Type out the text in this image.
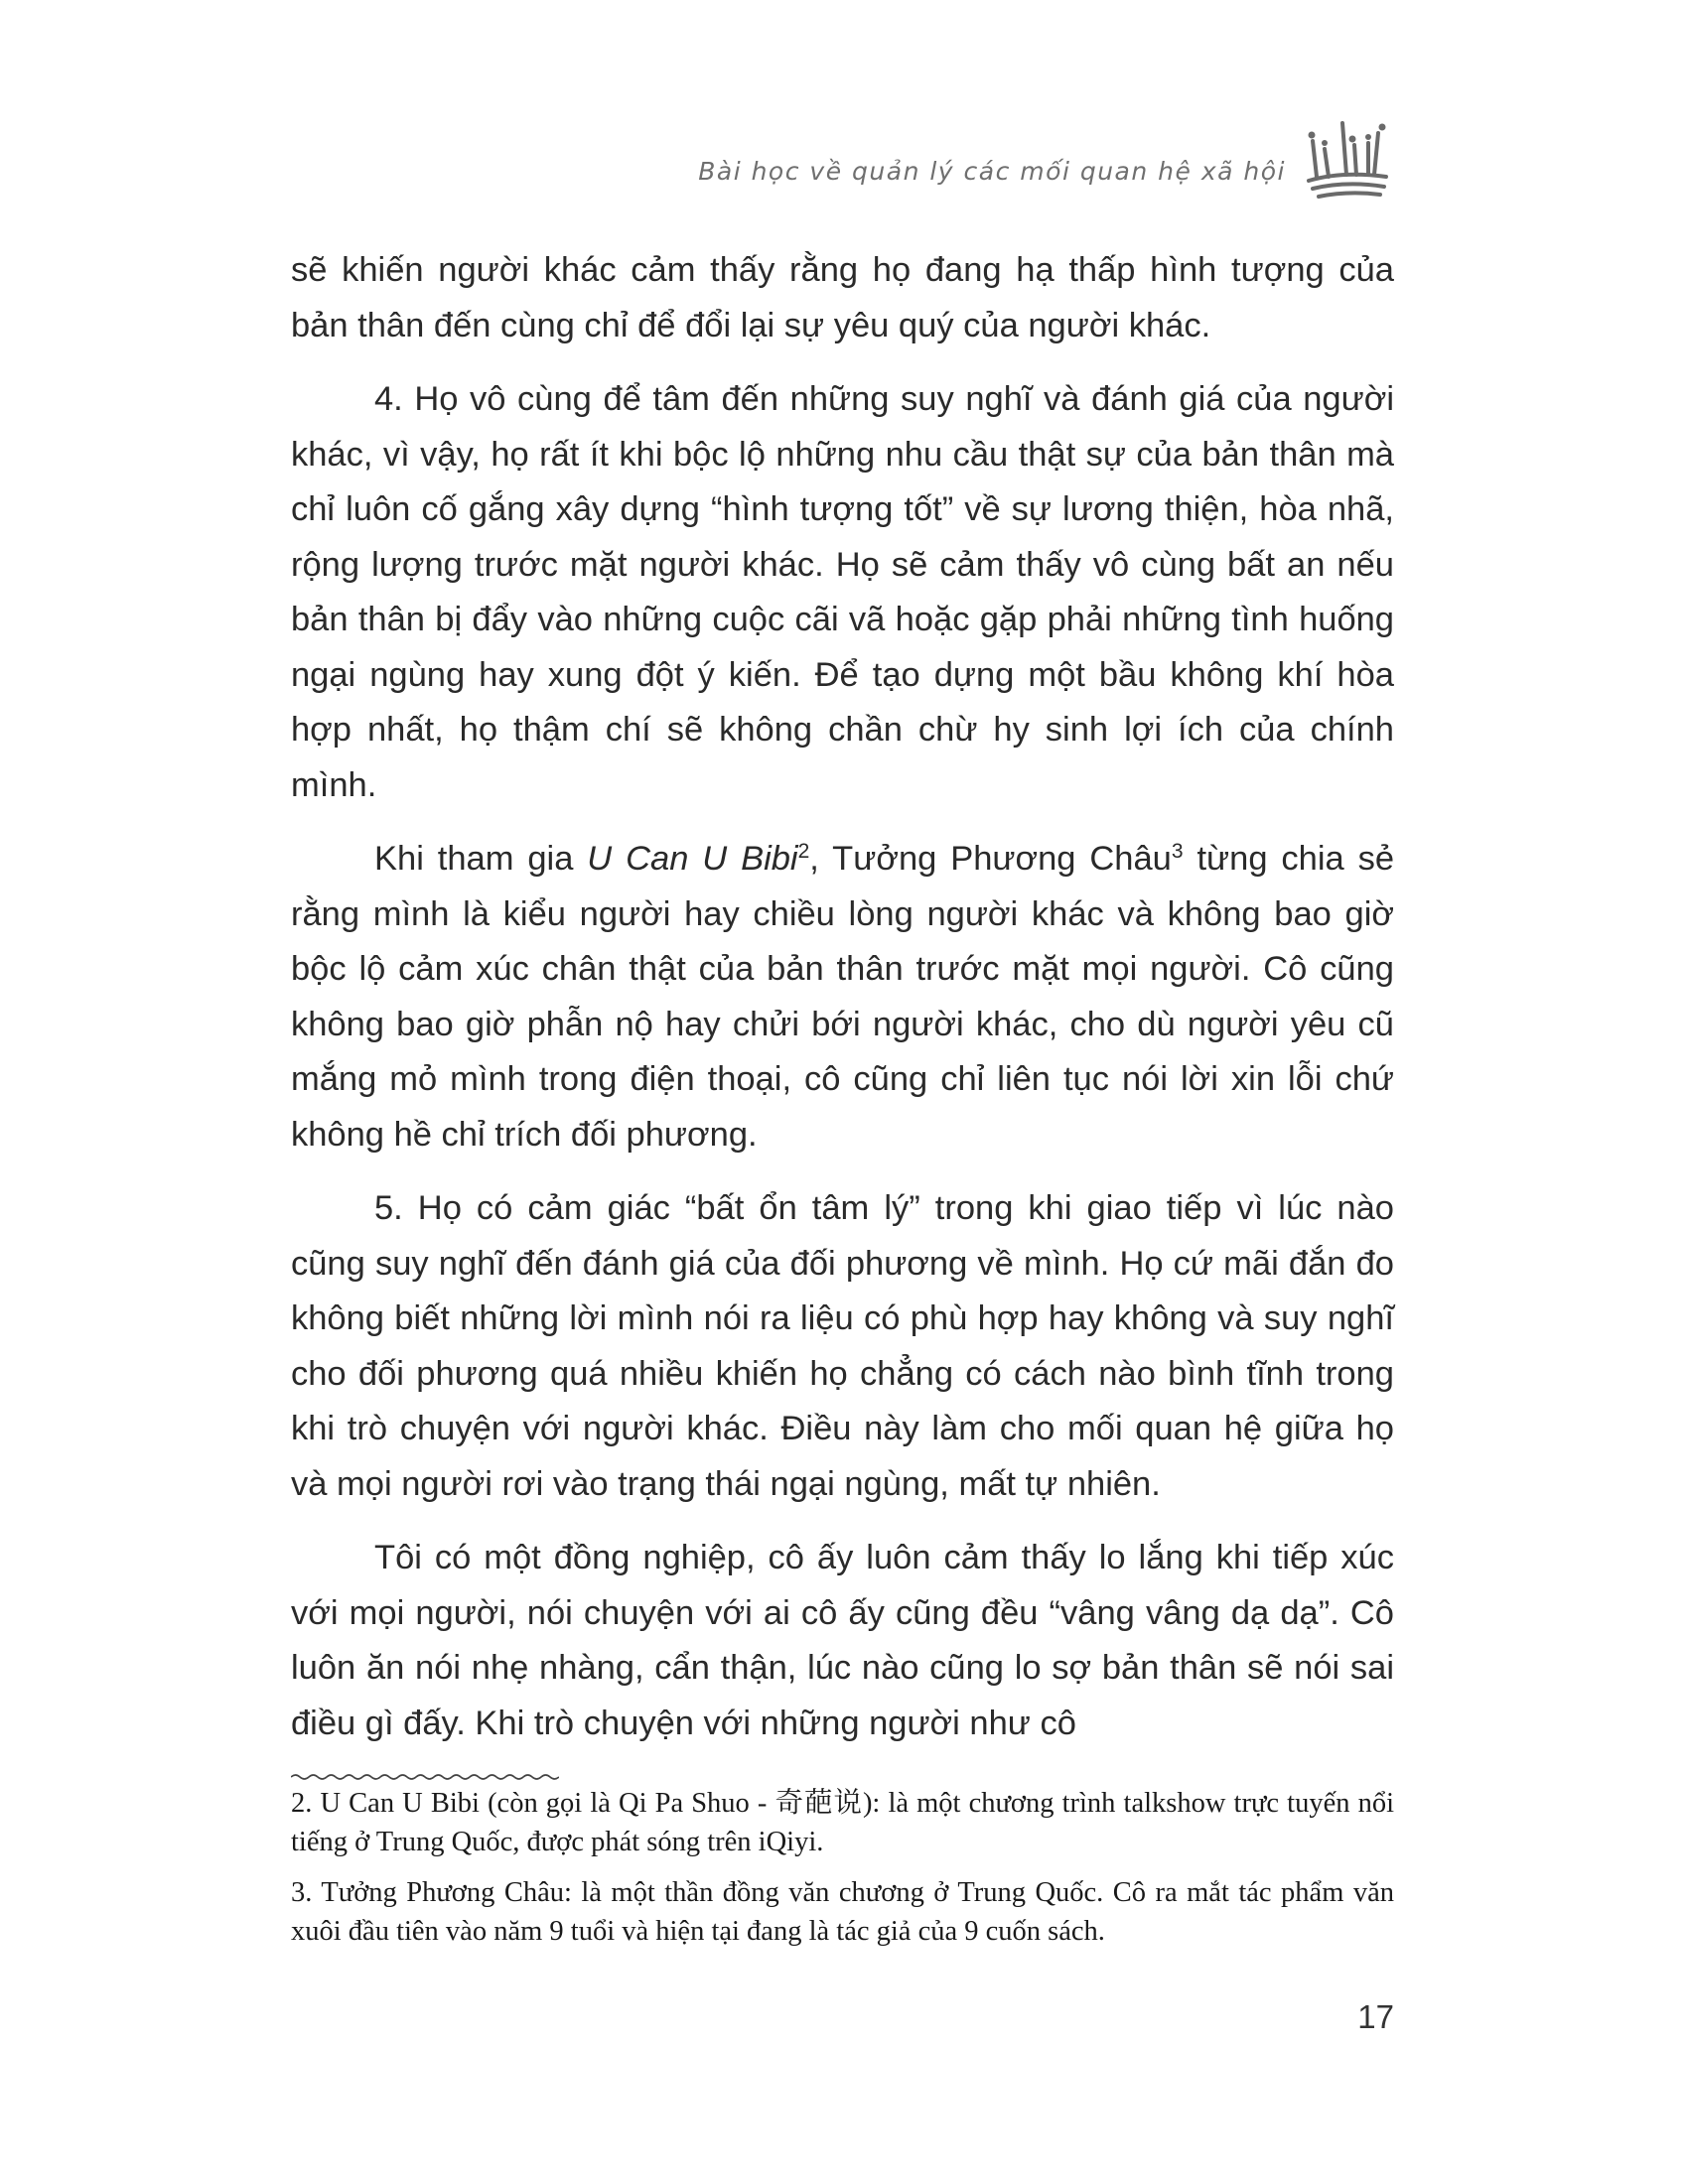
Bài học về quản lý các mối quan hệ xã hội

sẽ khiến người khác cảm thấy rằng họ đang hạ thấp hình tượng của bản thân đến cùng chỉ để đổi lại sự yêu quý của người khác.

4. Họ vô cùng để tâm đến những suy nghĩ và đánh giá của người khác, vì vậy, họ rất ít khi bộc lộ những nhu cầu thật sự của bản thân mà chỉ luôn cố gắng xây dựng “hình tượng tốt” về sự lương thiện, hòa nhã, rộng lượng trước mặt người khác. Họ sẽ cảm thấy vô cùng bất an nếu bản thân bị đẩy vào những cuộc cãi vã hoặc gặp phải những tình huống ngại ngùng hay xung đột ý kiến. Để tạo dựng một bầu không khí hòa hợp nhất, họ thậm chí sẽ không chần chừ hy sinh lợi ích của chính mình.

Khi tham gia U Can U Bibi$^2$, Tưởng Phương Châu$^3$ từng chia sẻ rằng mình là kiểu người hay chiều lòng người khác và không bao giờ bộc lộ cảm xúc chân thật của bản thân trước mặt mọi người. Cô cũng không bao giờ phẫn nộ hay chửi bới người khác, cho dù người yêu cũ mắng mỏ mình trong điện thoại, cô cũng chỉ liên tục nói lời xin lỗi chứ không hề chỉ trích đối phương.

5. Họ có cảm giác “bất ổn tâm lý” trong khi giao tiếp vì lúc nào cũng suy nghĩ đến đánh giá của đối phương về mình. Họ cứ mãi đắn đo không biết những lời mình nói ra liệu có phù hợp hay không và suy nghĩ cho đối phương quá nhiều khiến họ chẳng có cách nào bình tĩnh trong khi trò chuyện với người khác. Điều này làm cho mối quan hệ giữa họ và mọi người rơi vào trạng thái ngại ngùng, mất tự nhiên.

Tôi có một đồng nghiệp, cô ấy luôn cảm thấy lo lắng khi tiếp xúc với mọi người, nói chuyện với ai cô ấy cũng đều “vâng vâng dạ dạ”. Cô luôn ăn nói nhẹ nhàng, cẩn thận, lúc nào cũng lo sợ bản thân sẽ nói sai điều gì đấy. Khi trò chuyện với những người như cô

2. U Can U Bibi (còn gọi là Qi Pa Shuo - 奇葩说): là một chương trình talkshow trực tuyến nổi tiếng ở Trung Quốc, được phát sóng trên iQiyi.

3. Tưởng Phương Châu: là một thần đồng văn chương ở Trung Quốc. Cô ra mắt tác phẩm văn xuôi đầu tiên vào năm 9 tuổi và hiện tại đang là tác giả của 9 cuốn sách.

17
